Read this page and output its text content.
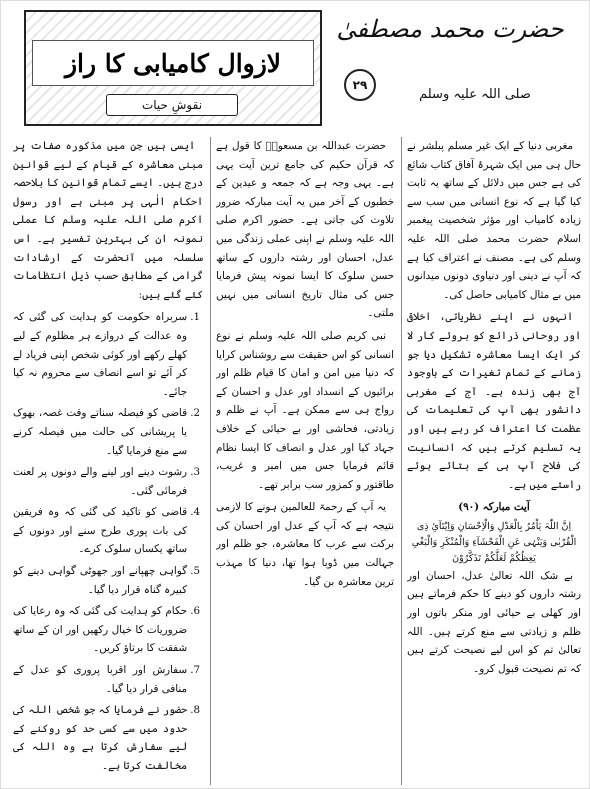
لازوال کامیابی کا راز
نقوشِ حیات
۲۹
حضرت محمد مصطفیٰ
صلی اللہ علیہ وسلم

مغربی دنیا کے ایک غیر مسلم پبلشر نے حال ہی میں ایک شہرۂ آفاق کتاب شائع کی ہے جس میں دلائل کے ساتھ یہ ثابت کیا گیا ہے کہ نوع انسانی میں سب سے زیادہ کامیاب اور مؤثر شخصیت پیغمبر اسلام حضرت محمد صلی اللہ علیہ وسلم کی ہے۔ مصنف نے اعتراف کیا ہے کہ آپ نے دینی اور دنیاوی دونوں میدانوں میں بے مثال کامیابی حاصل کی۔

انہوں نے اپنے نظریاتی، اخلاقی اور روحانی ذرائع کو بروئے کار لا کر ایک ایسا معاشرہ تشکیل دیا جو زمانے کے تمام تغیرات کے باوجود آج بھی زندہ ہے۔ آج کے مغربی دانشور بھی آپ کی تعلیمات کی عظمت کا اعتراف کر رہے ہیں اور یہ تسلیم کرتے ہیں کہ انسانیت کی فلاح آپ ہی کے بتائے ہوئے راستے میں ہے۔

آیت مبارکہ (۹۰)
اِنَّ اللّٰہَ یَاْمُرُ بِالْعَدْلِ وَالْاِحْسَانِ وَاِیْتَآئِ ذِی الْقُرْبٰی وَیَنْہٰی عَنِ الْفَحْشَآءِ وَالْمُنْکَرِ وَالْبَغْیِ یَعِظُکُمْ لَعَلَّکُمْ تَذَکَّرُوْنَ

بے شک اللہ تعالیٰ عدل، احسان اور رشتہ داروں کو دینے کا حکم فرماتے ہیں اور کھلی بے حیائی اور منکر باتوں اور ظلم و زیادتی سے منع کرتے ہیں۔ اللہ تعالیٰ تم کو اس لیے نصیحت کرتے ہیں کہ تم نصیحت قبول کرو۔

حضرت عبداللہ بن مسعودؓ کا قول ہے کہ قرآن حکیم کی جامع ترین آیت یہی ہے۔ یہی وجہ ہے کہ جمعہ و عیدین کے خطبوں کے آخر میں یہ آیت مبارکہ ضرور تلاوت کی جاتی ہے۔ حضور اکرم صلی اللہ علیہ وسلم نے اپنی عملی زندگی میں عدل، احسان اور رشتہ داروں کے ساتھ حسن سلوک کا ایسا نمونہ پیش فرمایا جس کی مثال تاریخ انسانی میں نہیں ملتی۔

نبی کریم صلی اللہ علیہ وسلم نے نوع انسانی کو اس حقیقت سے روشناس کرایا کہ دنیا میں امن و امان کا قیام ظلم اور برائیوں کے انسداد اور عدل و احسان کے رواج ہی سے ممکن ہے۔ آپ نے ظلم و زیادتی، فحاشی اور بے حیائی کے خلاف جہاد کیا اور عدل و انصاف کا ایسا نظام قائم فرمایا جس میں امیر و غریب، طاقتور و کمزور سب برابر تھے۔

یہ آپ کے رحمۃ للعالمین ہونے کا لازمی نتیجہ ہے کہ آپ کے عدل اور احسان کی برکت سے عرب کا معاشرہ، جو ظلم اور جہالت میں ڈوبا ہوا تھا، دنیا کا مہذب ترین معاشرہ بن گیا۔

ایسی ہیں جن میں مذکورہ صفات پر مبنی معاشرہ کے قیام کے لیے قوانین درج ہیں۔ ایسے تمام قوانین کا بلاحصہ احکام الٰہی پر مبنی ہے اور رسول اکرم صلی اللہ علیہ وسلم کا عملی نمونہ ان کی بہترین تفسیر ہے۔ اس سلسلہ میں آنحضرت کے ارشادات گرامی کے مطابق حسب ذیل انتظامات کئے گئے ہیں:

1. سربراہ حکومت کو ہدایت کی گئی کہ وہ عدالت کے دروازے ہر مظلوم کے لیے کھلے رکھے اور کوئی شخص اپنی فریاد لے کر آئے تو اسے انصاف سے محروم نہ کیا جائے۔
2. قاضی کو فیصلہ سناتے وقت غصہ، بھوک یا پریشانی کی حالت میں فیصلہ کرنے سے منع فرمایا گیا۔
3. رشوت دینے اور لینے والے دونوں پر لعنت فرمائی گئی۔
4. قاضی کو تاکید کی گئی کہ وہ فریقین کی بات پوری طرح سنے اور دونوں کے ساتھ یکساں سلوک کرے۔
5. گواہی چھپانے اور جھوٹی گواہی دینے کو کبیرہ گناہ قرار دیا گیا۔
6. حکام کو ہدایت کی گئی کہ وہ رعایا کی ضروریات کا خیال رکھیں اور ان کے ساتھ شفقت کا برتاؤ کریں۔
7. سفارش اور اقربا پروری کو عدل کے منافی قرار دیا گیا۔
8. حضور نے فرمایا کہ جو شخص اللہ کی حدود میں سے کسی حد کو روکنے کے لیے سفارش کرتا ہے وہ اللہ کی مخالفت کرتا ہے۔
